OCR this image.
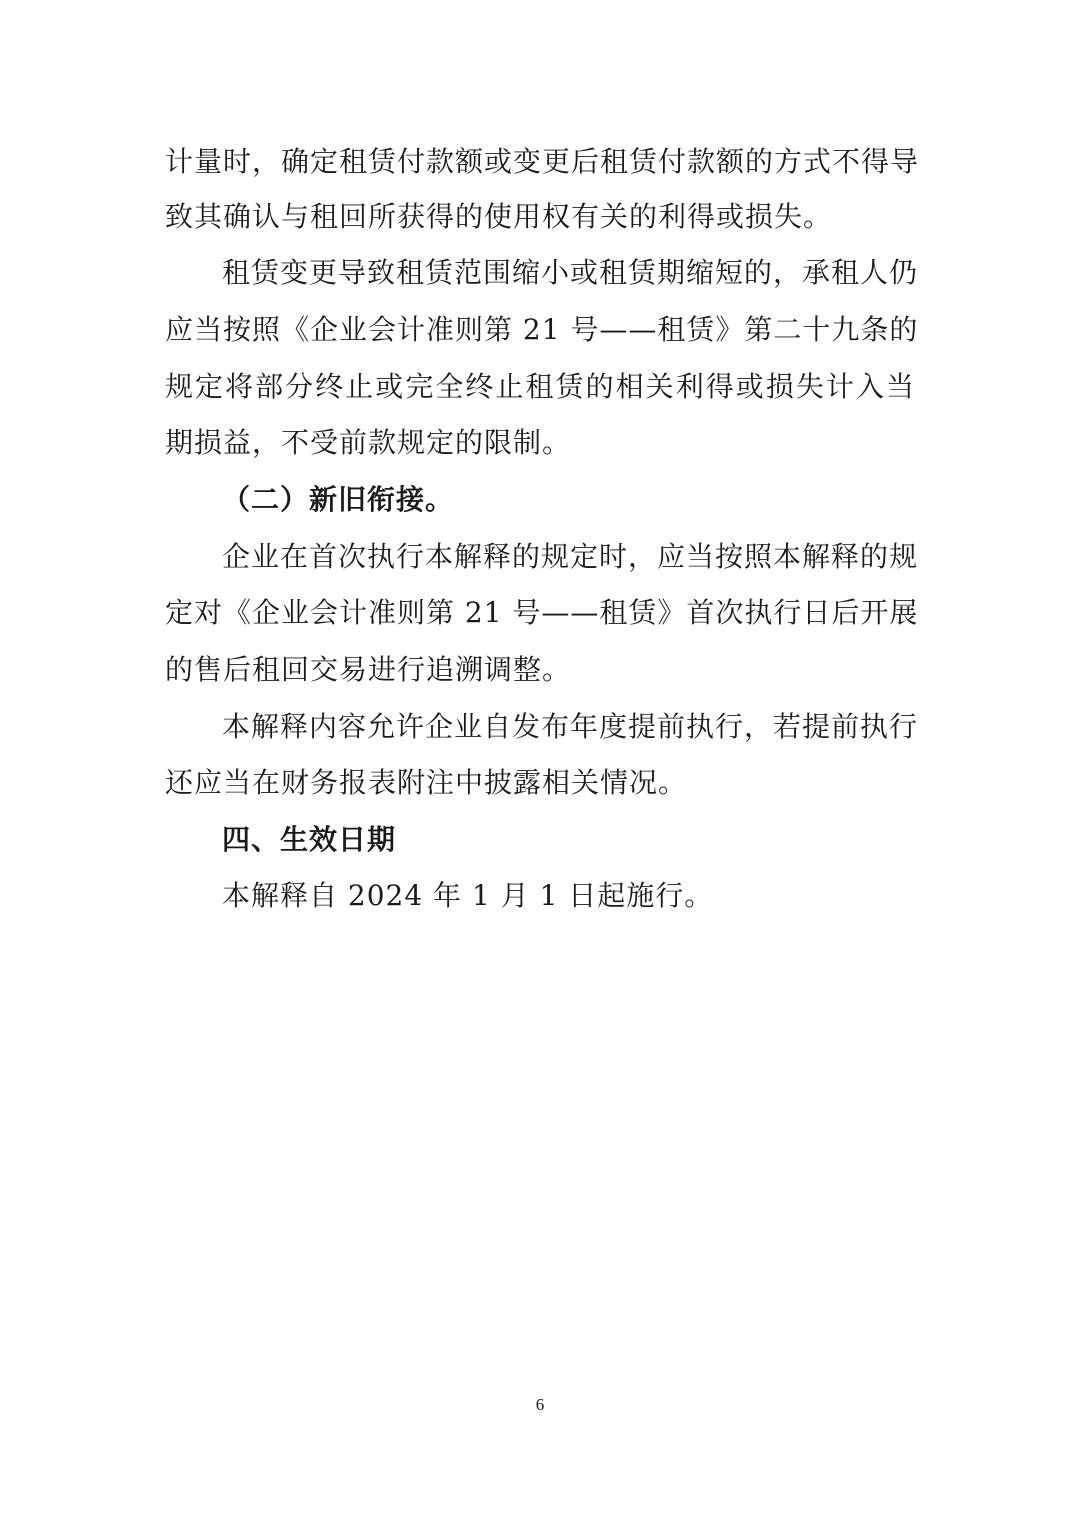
计量时，确定租赁付款额或变更后租赁付款额的方式不得导
致其确认与租回所获得的使用权有关的利得或损失。
租赁变更导致租赁范围缩小或租赁期缩短的，承租人仍
应当按照《企业会计准则第 21 号——租赁》第二十九条的
规定将部分终止或完全终止租赁的相关利得或损失计入当
期损益，不受前款规定的限制。
（二）新旧衔接。
企业在首次执行本解释的规定时，应当按照本解释的规
定对《企业会计准则第 21 号——租赁》首次执行日后开展
的售后租回交易进行追溯调整。
本解释内容允许企业自发布年度提前执行，若提前执行
还应当在财务报表附注中披露相关情况。
四、生效日期
本解释自 2024 年 1 月 1 日起施行。
6
